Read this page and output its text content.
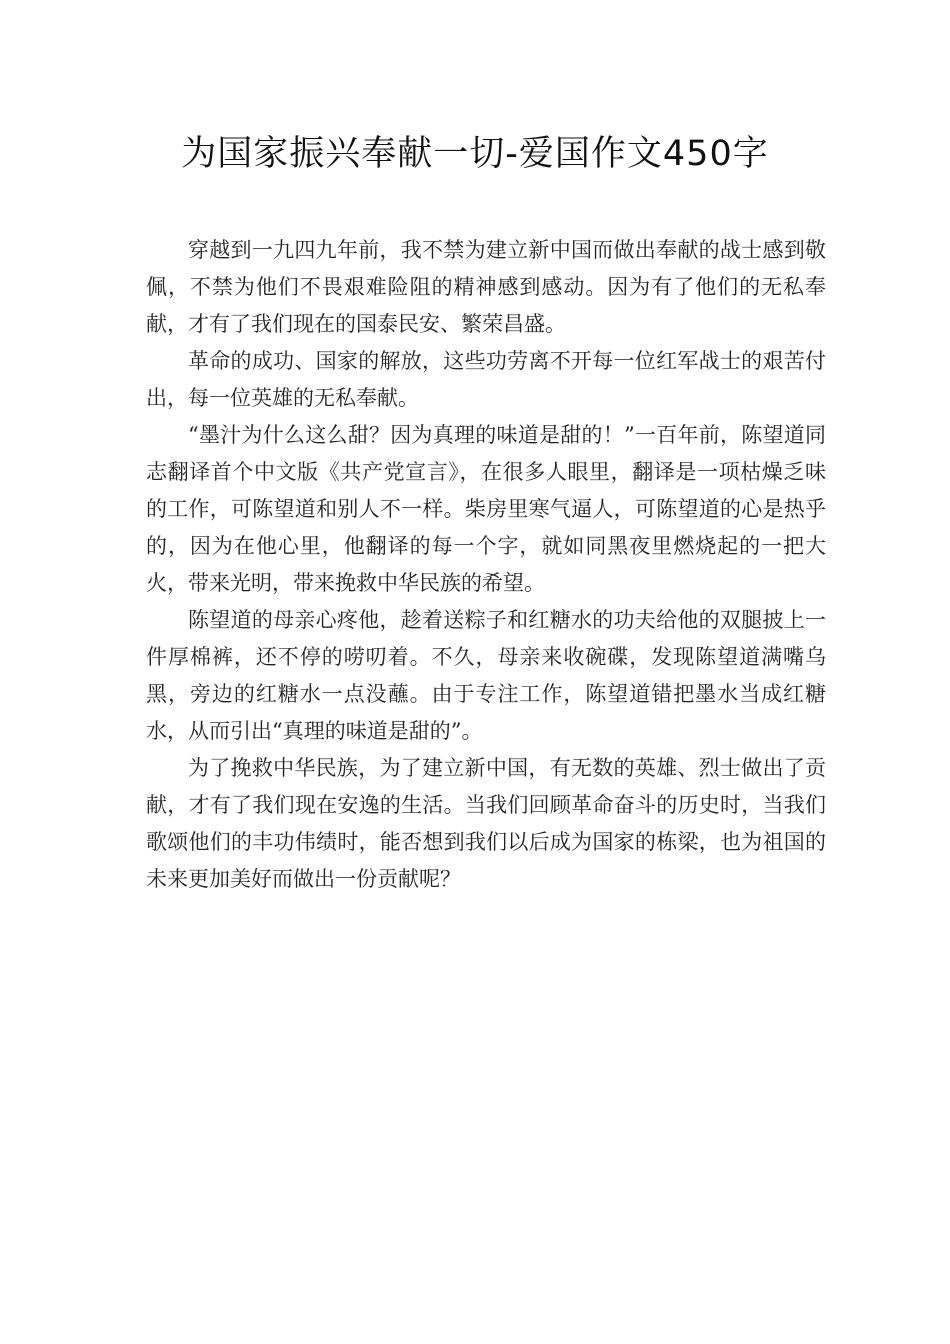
为国家振兴奉献一切-爱国作文450字

穿越到一九四九年前，我不禁为建立新中国而做出奉献的战士感到敬佩，不禁为他们不畏艰难险阻的精神感到感动。因为有了他们的无私奉献，才有了我们现在的国泰民安、繁荣昌盛。

革命的成功、国家的解放，这些功劳离不开每一位红军战士的艰苦付出，每一位英雄的无私奉献。

“墨汁为什么这么甜？因为真理的味道是甜的！”一百年前，陈望道同志翻译首个中文版《共产党宣言》，在很多人眼里，翻译是一项枯燥乏味的工作，可陈望道和别人不一样。柴房里寒气逼人，可陈望道的心是热乎的，因为在他心里，他翻译的每一个字，就如同黑夜里燃烧起的一把大火，带来光明，带来挽救中华民族的希望。

陈望道的母亲心疼他，趁着送粽子和红糖水的功夫给他的双腿披上一件厚棉裤，还不停的唠叨着。不久，母亲来收碗碟，发现陈望道满嘴乌黑，旁边的红糖水一点没蘸。由于专注工作，陈望道错把墨水当成红糖水，从而引出“真理的味道是甜的”。

为了挽救中华民族，为了建立新中国，有无数的英雄、烈士做出了贡献，才有了我们现在安逸的生活。当我们回顾革命奋斗的历史时，当我们歌颂他们的丰功伟绩时，能否想到我们以后成为国家的栋梁，也为祖国的未来更加美好而做出一份贡献呢？
